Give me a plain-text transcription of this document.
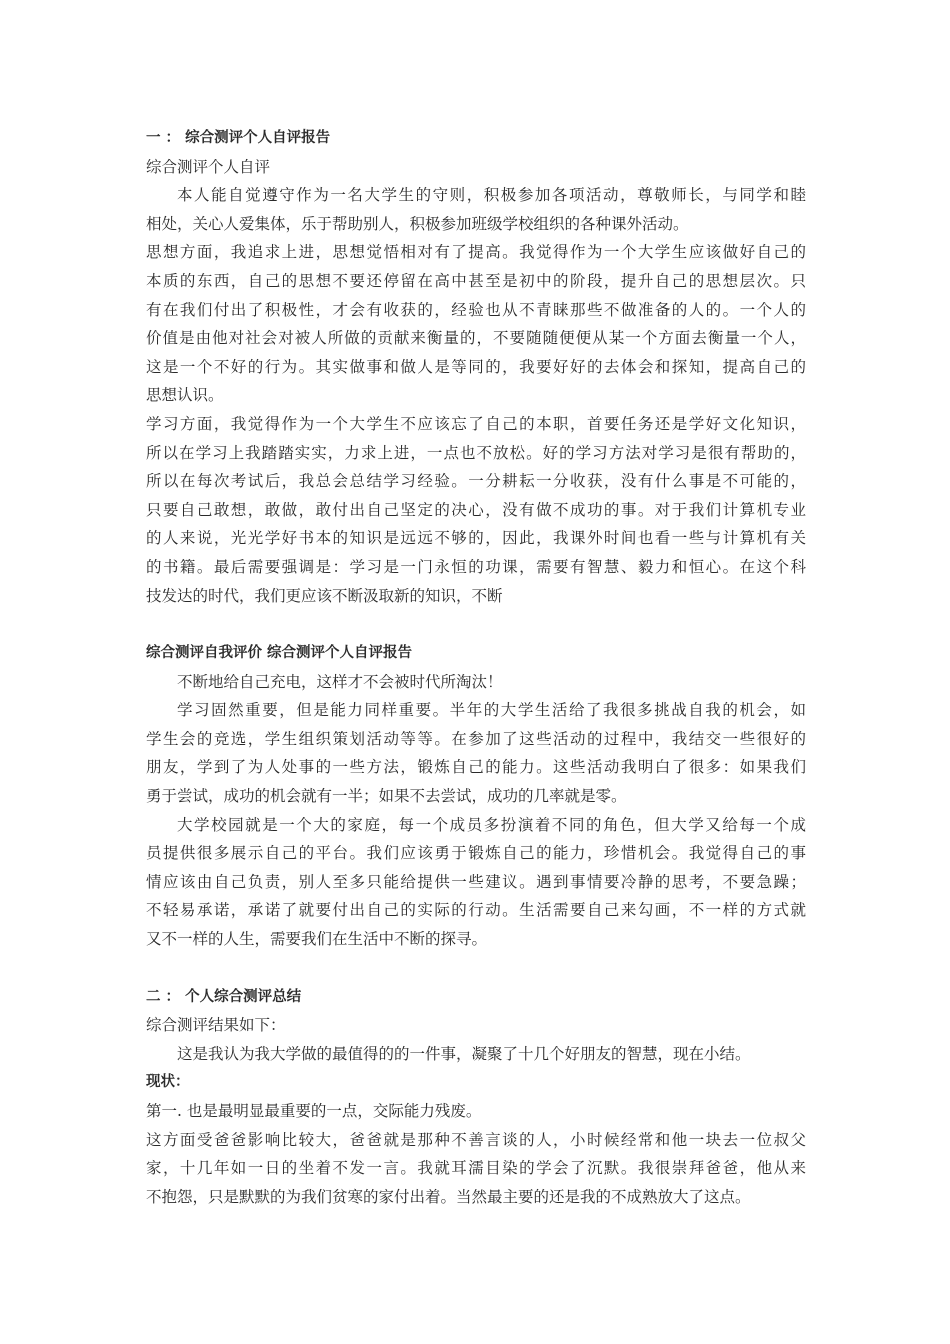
一 ： 综合测评个人自评报告
综合测评个人自评
本人能自觉遵守作为一名大学生的守则，积极参加各项活动，尊敬师长，与同学和睦
相处，关心人爱集体，乐于帮助别人，积极参加班级学校组织的各种课外活动。
思想方面，我追求上进，思想觉悟相对有了提高。我觉得作为一个大学生应该做好自己的
本质的东西，自己的思想不要还停留在高中甚至是初中的阶段，提升自己的思想层次。只
有在我们付出了积极性，才会有收获的，经验也从不青睐那些不做准备的人的。一个人的
价值是由他对社会对被人所做的贡献来衡量的，不要随随便便从某一个方面去衡量一个人，
这是一个不好的行为。其实做事和做人是等同的，我要好好的去体会和探知，提高自己的
思想认识。
学习方面，我觉得作为一个大学生不应该忘了自己的本职，首要任务还是学好文化知识，
所以在学习上我踏踏实实，力求上进，一点也不放松。好的学习方法对学习是很有帮助的，
所以在每次考试后，我总会总结学习经验。一分耕耘一分收获，没有什么事是不可能的，
只要自己敢想，敢做，敢付出自己坚定的决心，没有做不成功的事。对于我们计算机专业
的人来说，光光学好书本的知识是远远不够的，因此，我课外时间也看一些与计算机有关
的书籍。最后需要强调是：学习是一门永恒的功课，需要有智慧、毅力和恒心。在这个科
技发达的时代，我们更应该不断汲取新的知识，不断
综合测评自我评价 综合测评个人自评报告
不断地给自己充电，这样才不会被时代所淘汰！
学习固然重要，但是能力同样重要。半年的大学生活给了我很多挑战自我的机会，如
学生会的竞选，学生组织策划活动等等。在参加了这些活动的过程中，我结交一些很好的
朋友，学到了为人处事的一些方法，锻炼自己的能力。这些活动我明白了很多：如果我们
勇于尝试，成功的机会就有一半；如果不去尝试，成功的几率就是零。
大学校园就是一个大的家庭，每一个成员多扮演着不同的角色，但大学又给每一个成
员提供很多展示自己的平台。我们应该勇于锻炼自己的能力，珍惜机会。我觉得自己的事
情应该由自己负责，别人至多只能给提供一些建议。遇到事情要冷静的思考，不要急躁；
不轻易承诺，承诺了就要付出自己的实际的行动。生活需要自己来勾画，不一样的方式就
又不一样的人生，需要我们在生活中不断的探寻。
二 ： 个人综合测评总结
综合测评结果如下：
这是我认为我大学做的最值得的的一件事，凝聚了十几个好朋友的智慧，现在小结。
现状：
第一. 也是最明显最重要的一点，交际能力残废。
这方面受爸爸影响比较大，爸爸就是那种不善言谈的人，小时候经常和他一块去一位叔父
家，十几年如一日的坐着不发一言。我就耳濡目染的学会了沉默。我很崇拜爸爸，他从来
不抱怨，只是默默的为我们贫寒的家付出着。当然最主要的还是我的不成熟放大了这点。
